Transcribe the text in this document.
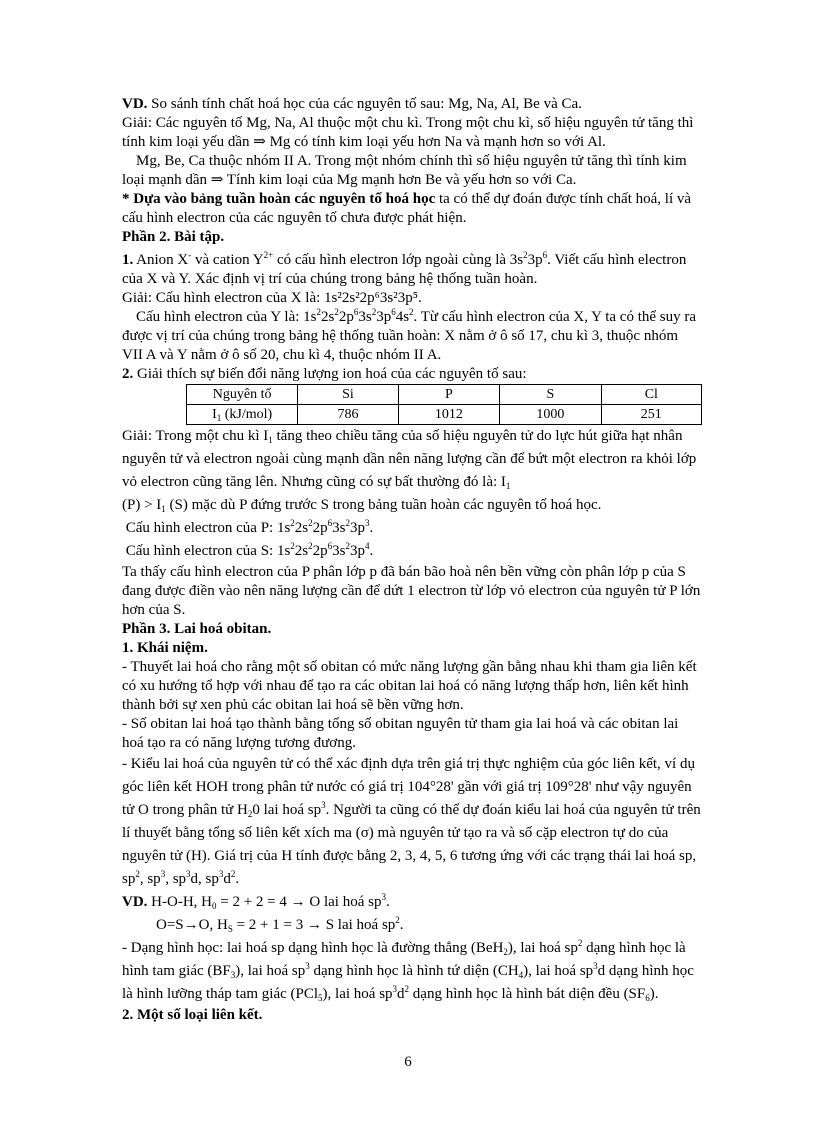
VD. So sánh tính chất hoá học của các nguyên tố sau: Mg, Na, Al, Be và Ca.

Giải: Các nguyên tố Mg, Na, Al thuộc một chu kì. Trong một chu kì, số hiệu nguyên tử tăng thì tính kim loại yếu dần ⇒ Mg có tính kim loại yếu hơn Na và mạnh hơn so với Al.

Mg, Be, Ca thuộc nhóm II A. Trong một nhóm chính thì số hiệu nguyên tử tăng thì tính kim loại mạnh dần ⇒ Tính kim loại của Mg mạnh hơn Be và yếu hơn so với Ca.

* Dựa vào bảng tuần hoàn các nguyên tố hoá học ta có thể dự đoán được tính chất hoá, lí và cấu hình electron của các nguyên tố chưa được phát hiện.

Phần 2. Bài tập.

1. Anion X- và cation $Y^{2+}$ có cấu hình electron lớp ngoài cùng là $3s^23p^6$. Viết cấu hình electron của X và Y. Xác định vị trí của chúng trong bảng hệ thống tuần hoàn.

Giải: Cấu hình electron của X là: 1s²2s²2p⁶3s²3p⁵.

Cấu hình electron của Y là: $1s^22s^22p^63s^23p^64s^2$. Từ cấu hình electron của X, Y ta có thể suy ra được vị trí của chúng trong bảng hệ thống tuần hoàn: X nằm ở ô số 17, chu kì 3, thuộc nhóm VII A và Y nằm ở ô số 20, chu kì 4, thuộc nhóm II A.

2. Giải thích sự biến đổi năng lượng ion hoá của các nguyên tố sau:

Nguyên tố	Si	P	S	Cl
$I_1$ (kJ/mol)	786	1012	1000	251

Giải: Trong một chu kì $I_1$ tăng theo chiều tăng của số hiệu nguyên tử do lực hút giữa hạt nhân nguyên tử và electron ngoài cùng mạnh dần nên năng lượng cần để bứt một electron ra khỏi lớp vỏ electron cũng tăng lên. Nhưng cũng có sự bất thường đó là: $I_1$
$(P) > I_1$ (S) mặc dù P đứng trước S trong bảng tuần hoàn các nguyên tố hoá học.

Cấu hình electron của P: $1s^22s^22p^63s^23p^3$.

Cấu hình electron của S: $1s^22s^22p^63s^23p^4$.

Ta thấy cấu hình electron của P phân lớp p đã bán bão hoà nên bền vững còn phân lớp p của S đang được điền vào nên năng lượng cần để dứt 1 electron từ lớp vỏ electron của nguyên tử P lớn hơn của S.

Phần 3. Lai hoá obitan.

1. Khái niệm.

- Thuyết lai hoá cho rằng một số obitan có mức năng lượng gần bằng nhau khi tham gia liên kết có xu hướng tổ hợp với nhau để tạo ra các obitan lai hoá có năng lượng thấp hơn, liên kết hình thành bởi sự xen phủ các obitan lai hoá sẽ bền vững hơn.

- Số obitan lai hoá tạo thành bằng tổng số obitan nguyên tử tham gia lai hoá và các obitan lai hoá tạo ra có năng lượng tương đương.

- Kiểu lai hoá của nguyên tử có thể xác định dựa trên giá trị thực nghiệm của góc liên kết, ví dụ góc liên kết HOH trong phân tử nước có giá trị 104°28' gần với giá trị 109°28' như vậy nguyên tử O trong phân tử $H_20$ lai hoá $sp^3$. Người ta cũng có thể dự đoán kiểu lai hoá của nguyên tử trên lí thuyết bằng tổng số liên kết xích ma (σ) mà nguyên tử tạo ra và số cặp electron tự do của nguyên tử (H). Giá trị của H tính được bằng 2, 3, 4, 5, 6 tương ứng với các trạng thái lai hoá sp, $sp^2$, $sp^3$, $sp^3d$, $sp^3d^2$.

VD. H-O-H, $H_0 = 2 + 2 = 4 \to O$ lai hoá $sp^3$.

O=S→O, $H_S = 2 + 1 = 3 \to S$ lai hoá $sp^2$.

- Dạng hình học: lai hoá sp dạng hình học là đường thẳng (BeH$_2$), lai hoá $sp^2$ dạng hình học là hình tam giác $(BF_3)$, lai hoá $sp^3$ dạng hình học là hình tứ diện $(CH_4)$, lai hoá $sp^3d$ dạng hình học là hình lưỡng tháp tam giác (PCl$_5$), lai hoá $sp^3d^2$ dạng hình học là hình bát diện đều $(SF_6)$.

2. Một số loại liên kết.

6
